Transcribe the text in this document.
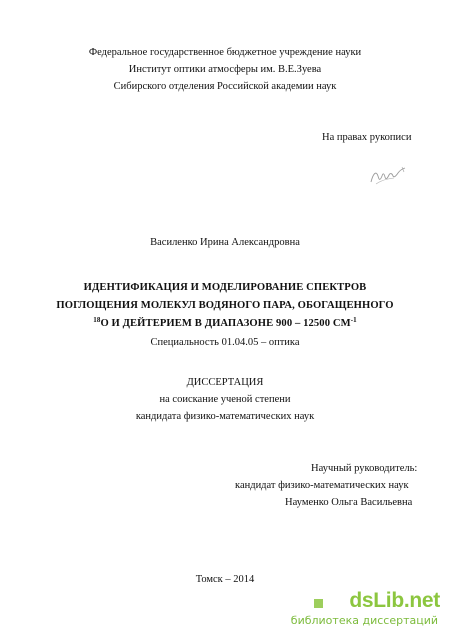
Федеральное государственное бюджетное учреждение науки
Институт оптики атмосферы им. В.Е.Зуева
Сибирского отделения Российской академии наук
На правах рукописи
Василенко Ирина Александровна
ИДЕНТИФИКАЦИЯ И МОДЕЛИРОВАНИЕ СПЕКТРОВ
ПОГЛОЩЕНИЯ МОЛЕКУЛ ВОДЯНОГО ПАРА, ОБОГАЩЕННОГО
$^{18}$О И ДЕЙТЕРИЕМ В ДИАПАЗОНЕ 900 – 12500 $СМ^{-1}$
Специальность 01.04.05 – оптика
ДИССЕРТАЦИЯ
на соискание ученой степени
кандидата физико-математических наук
Научный руководитель:
кандидат физико-математических наук
Науменко Ольга Васильевна
Томск – 2014
dsLib.net
библиотека диссертаций
